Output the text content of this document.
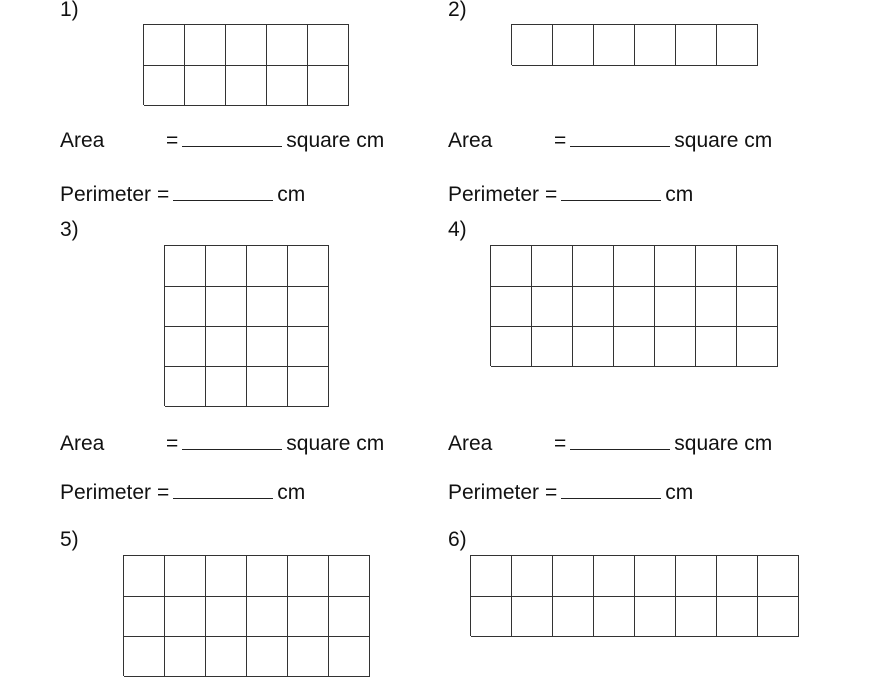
1)
Area	=	square cm
Perimeter =	cm
2)
Area	=	square cm
Perimeter =	cm
3)
Area	=	square cm
Perimeter =	cm
4)
Area	=	square cm
Perimeter =	cm
5)	6)
